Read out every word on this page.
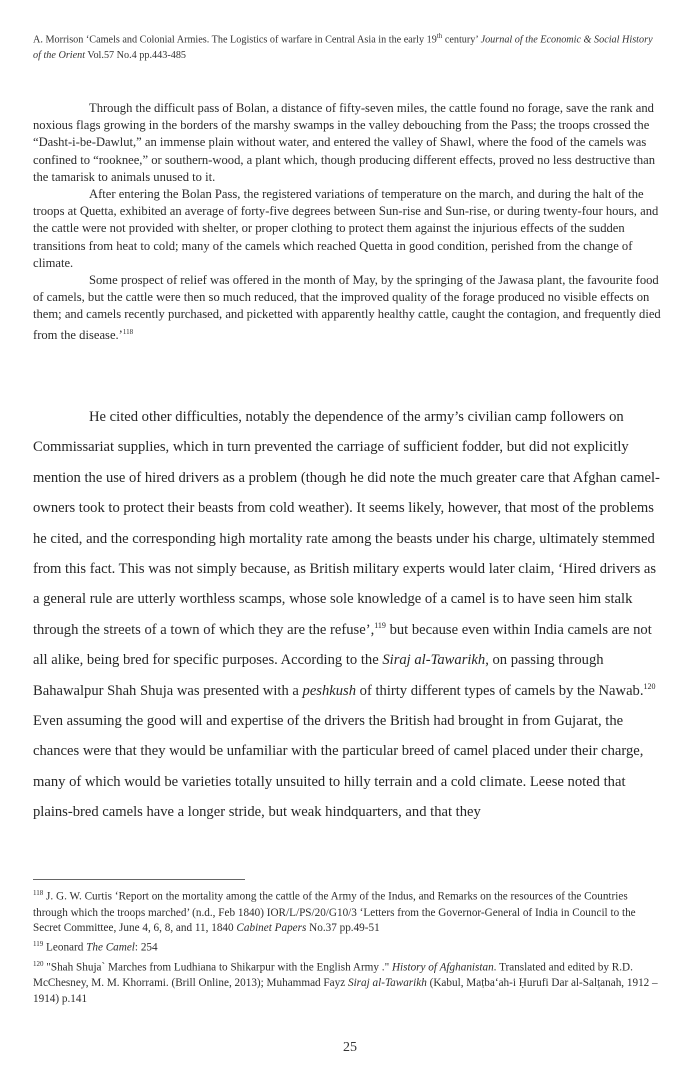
A. Morrison ‘Camels and Colonial Armies. The Logistics of warfare in Central Asia in the early 19th century’ Journal of the Economic & Social History of the Orient Vol.57 No.4 pp.443-485

Through the difficult pass of Bolan, a distance of fifty-seven miles, the cattle found no forage, save the rank and noxious flags growing in the borders of the marshy swamps in the valley debouching from the Pass; the troops crossed the “Dasht-i-be-Dawlut,” an immense plain without water, and entered the valley of Shawl, where the food of the camels was confined to “rooknee,” or southern-wood, a plant which, though producing different effects, proved no less destructive than the tamarisk to animals unused to it.

After entering the Bolan Pass, the registered variations of temperature on the march, and during the halt of the troops at Quetta, exhibited an average of forty-five degrees between Sun-rise and Sun-rise, or during twenty-four hours, and the cattle were not provided with shelter, or proper clothing to protect them against the injurious effects of the sudden transitions from heat to cold; many of the camels which reached Quetta in good condition, perished from the change of climate.

Some prospect of relief was offered in the month of May, by the springing of the Jawasa plant, the favourite food of camels, but the cattle were then so much reduced, that the improved quality of the forage produced no visible effects on them; and camels recently purchased, and picketted with apparently healthy cattle, caught the contagion, and frequently died from the disease.’$^{118}$

He cited other difficulties, notably the dependence of the army’s civilian camp followers on Commissariat supplies, which in turn prevented the carriage of sufficient fodder, but did not explicitly mention the use of hired drivers as a problem (though he did note the much greater care that Afghan camel-owners took to protect their beasts from cold weather). It seems likely, however, that most of the problems he cited, and the corresponding high mortality rate among the beasts under his charge, ultimately stemmed from this fact. This was not simply because, as British military experts would later claim, ‘Hired drivers as a general rule are utterly worthless scamps, whose sole knowledge of a camel is to have seen him stalk through the streets of a town of which they are the refuse’,$^{119}$ but because even within India camels are not all alike, being bred for specific purposes. According to the Siraj al-Tawarikh, on passing through Bahawalpur Shah Shuja was presented with a peshkush of thirty different types of camels by the Nawab.$^{120}$ Even assuming the good will and expertise of the drivers the British had brought in from Gujarat, the chances were that they would be unfamiliar with the particular breed of camel placed under their charge, many of which would be varieties totally unsuited to hilly terrain and a cold climate. Leese noted that plains-bred camels have a longer stride, but weak hindquarters, and that they

$^{118}$ J. G. W. Curtis ‘Report on the mortality among the cattle of the Army of the Indus, and Remarks on the resources of the Countries through which the troops marched’ (n.d., Feb 1840) IOR/L/PS/20/G10/3 ‘Letters from the Governor-General of India in Council to the Secret Committee, June 4, 6, 8, and 11, 1840 Cabinet Papers No.37 pp.49-51

$^{119}$ Leonard The Camel: 254

$^{120}$ "Shah Shuja` Marches from Ludhiana to Shikarpur with the English Army ." History of Afghanistan. Translated and edited by R.D. McChesney, M. M. Khorrami. (Brill Online, 2013); Muhammad Fayz Siraj al-Tawarikh (Kabul, Maṭba‘ah-i Ḥurufi Dar al-Salṭanah, 1912 – 1914) p.141

25
